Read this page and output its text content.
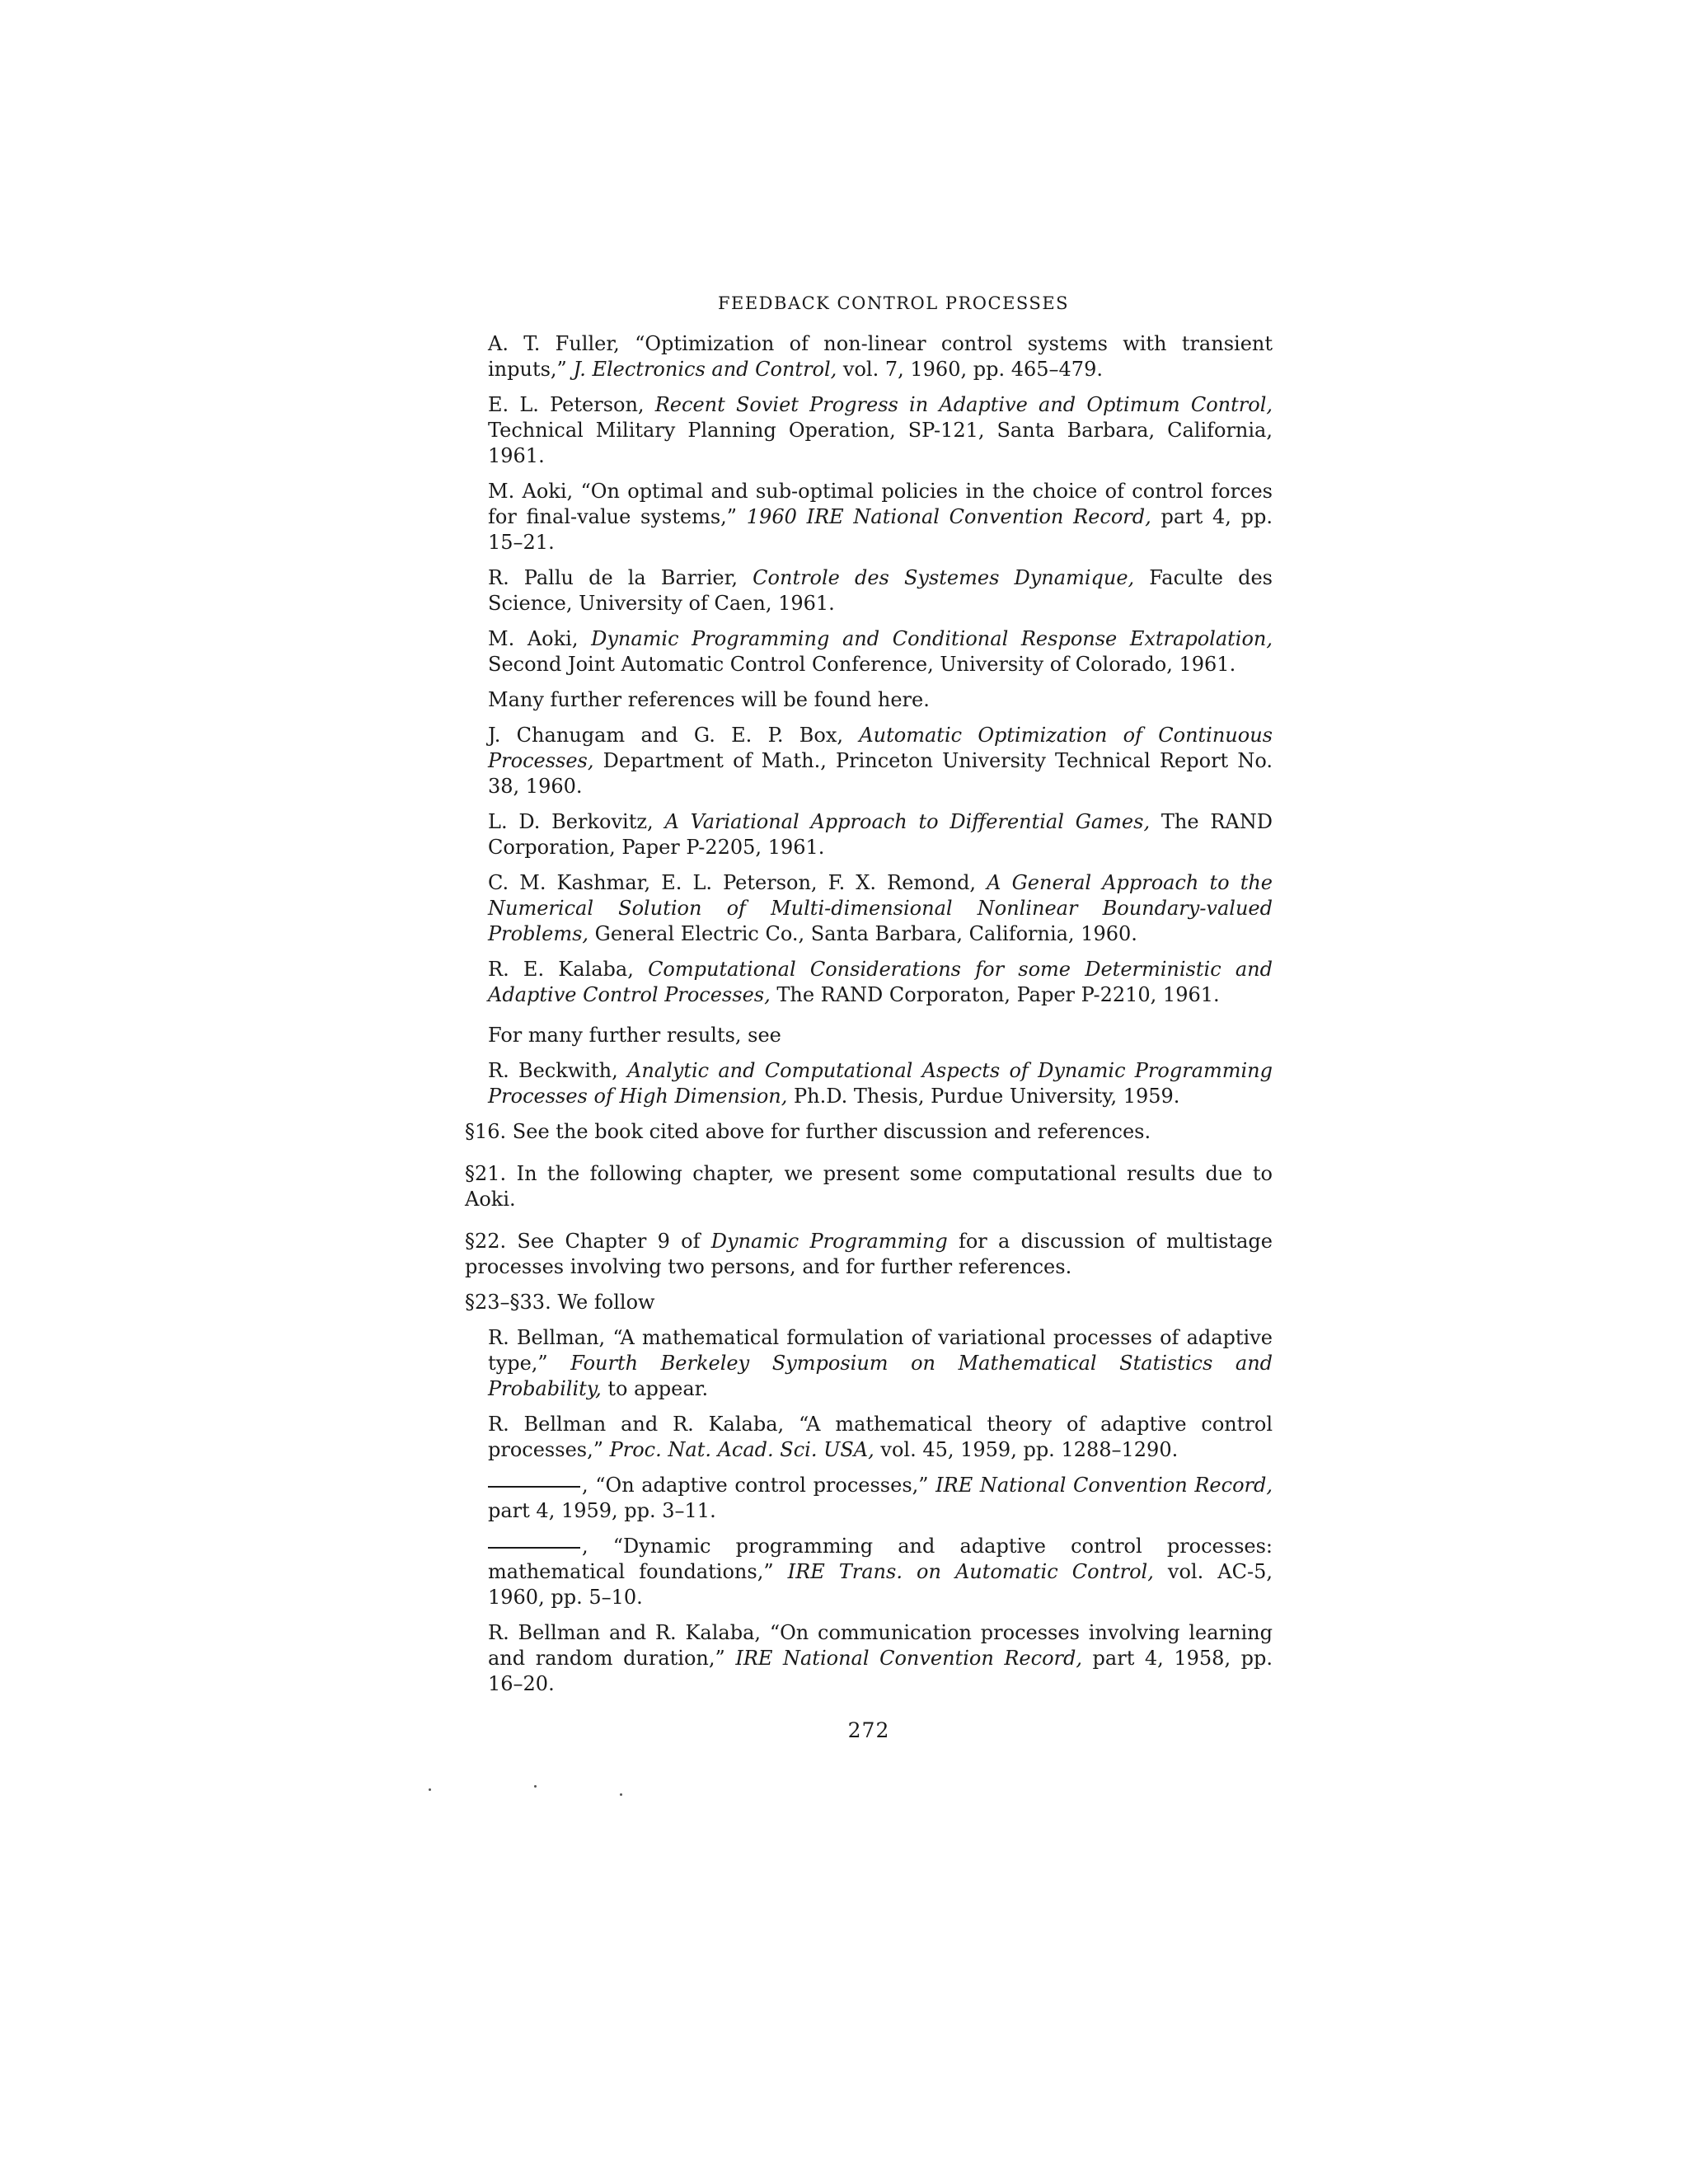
FEEDBACK CONTROL PROCESSES
A. T. Fuller, “Optimization of non-linear control systems with transient inputs,” J. Electronics and Control, vol. 7, 1960, pp. 465–479.
E. L. Peterson, Recent Soviet Progress in Adaptive and Optimum Control, Technical Military Planning Operation, SP-121, Santa Barbara, California, 1961.
M. Aoki, “On optimal and sub-optimal policies in the choice of control forces for final-value systems,” 1960 IRE National Convention Record, part 4, pp. 15–21.
R. Pallu de la Barrier, Controle des Systemes Dynamique, Faculte des Science, University of Caen, 1961.
M. Aoki, Dynamic Programming and Conditional Response Extrapolation, Second Joint Automatic Control Conference, University of Colorado, 1961.
Many further references will be found here.
J. Chanugam and G. E. P. Box, Automatic Optimization of Continuous Processes, Department of Math., Princeton University Technical Report No. 38, 1960.
L. D. Berkovitz, A Variational Approach to Differential Games, The RAND Corporation, Paper P-2205, 1961.
C. M. Kashmar, E. L. Peterson, F. X. Remond, A General Approach to the Numerical Solution of Multi-dimensional Nonlinear Boundary-valued Problems, General Electric Co., Santa Barbara, California, 1960.
R. E. Kalaba, Computational Considerations for some Deterministic and Adaptive Control Processes, The RAND Corporaton, Paper P-2210, 1961.
For many further results, see
R. Beckwith, Analytic and Computational Aspects of Dynamic Programming Processes of High Dimension, Ph.D. Thesis, Purdue University, 1959.
§16. See the book cited above for further discussion and references.
§21. In the following chapter, we present some computational results due to Aoki.
§22. See Chapter 9 of Dynamic Programming for a discussion of multistage processes involving two persons, and for further references.
§23–§33. We follow
R. Bellman, “A mathematical formulation of variational processes of adaptive type,” Fourth Berkeley Symposium on Mathematical Statistics and Probability, to appear.
R. Bellman and R. Kalaba, “A mathematical theory of adaptive control processes,” Proc. Nat. Acad. Sci. USA, vol. 45, 1959, pp. 1288–1290.
, “On adaptive control processes,” IRE National Convention Record, part 4, 1959, pp. 3–11.
, “Dynamic programming and adaptive control processes: mathematical foundations,” IRE Trans. on Automatic Control, vol. AC-5, 1960, pp. 5–10.
R. Bellman and R. Kalaba, “On communication processes involving learning and random duration,” IRE National Convention Record, part 4, 1958, pp. 16–20.
272
